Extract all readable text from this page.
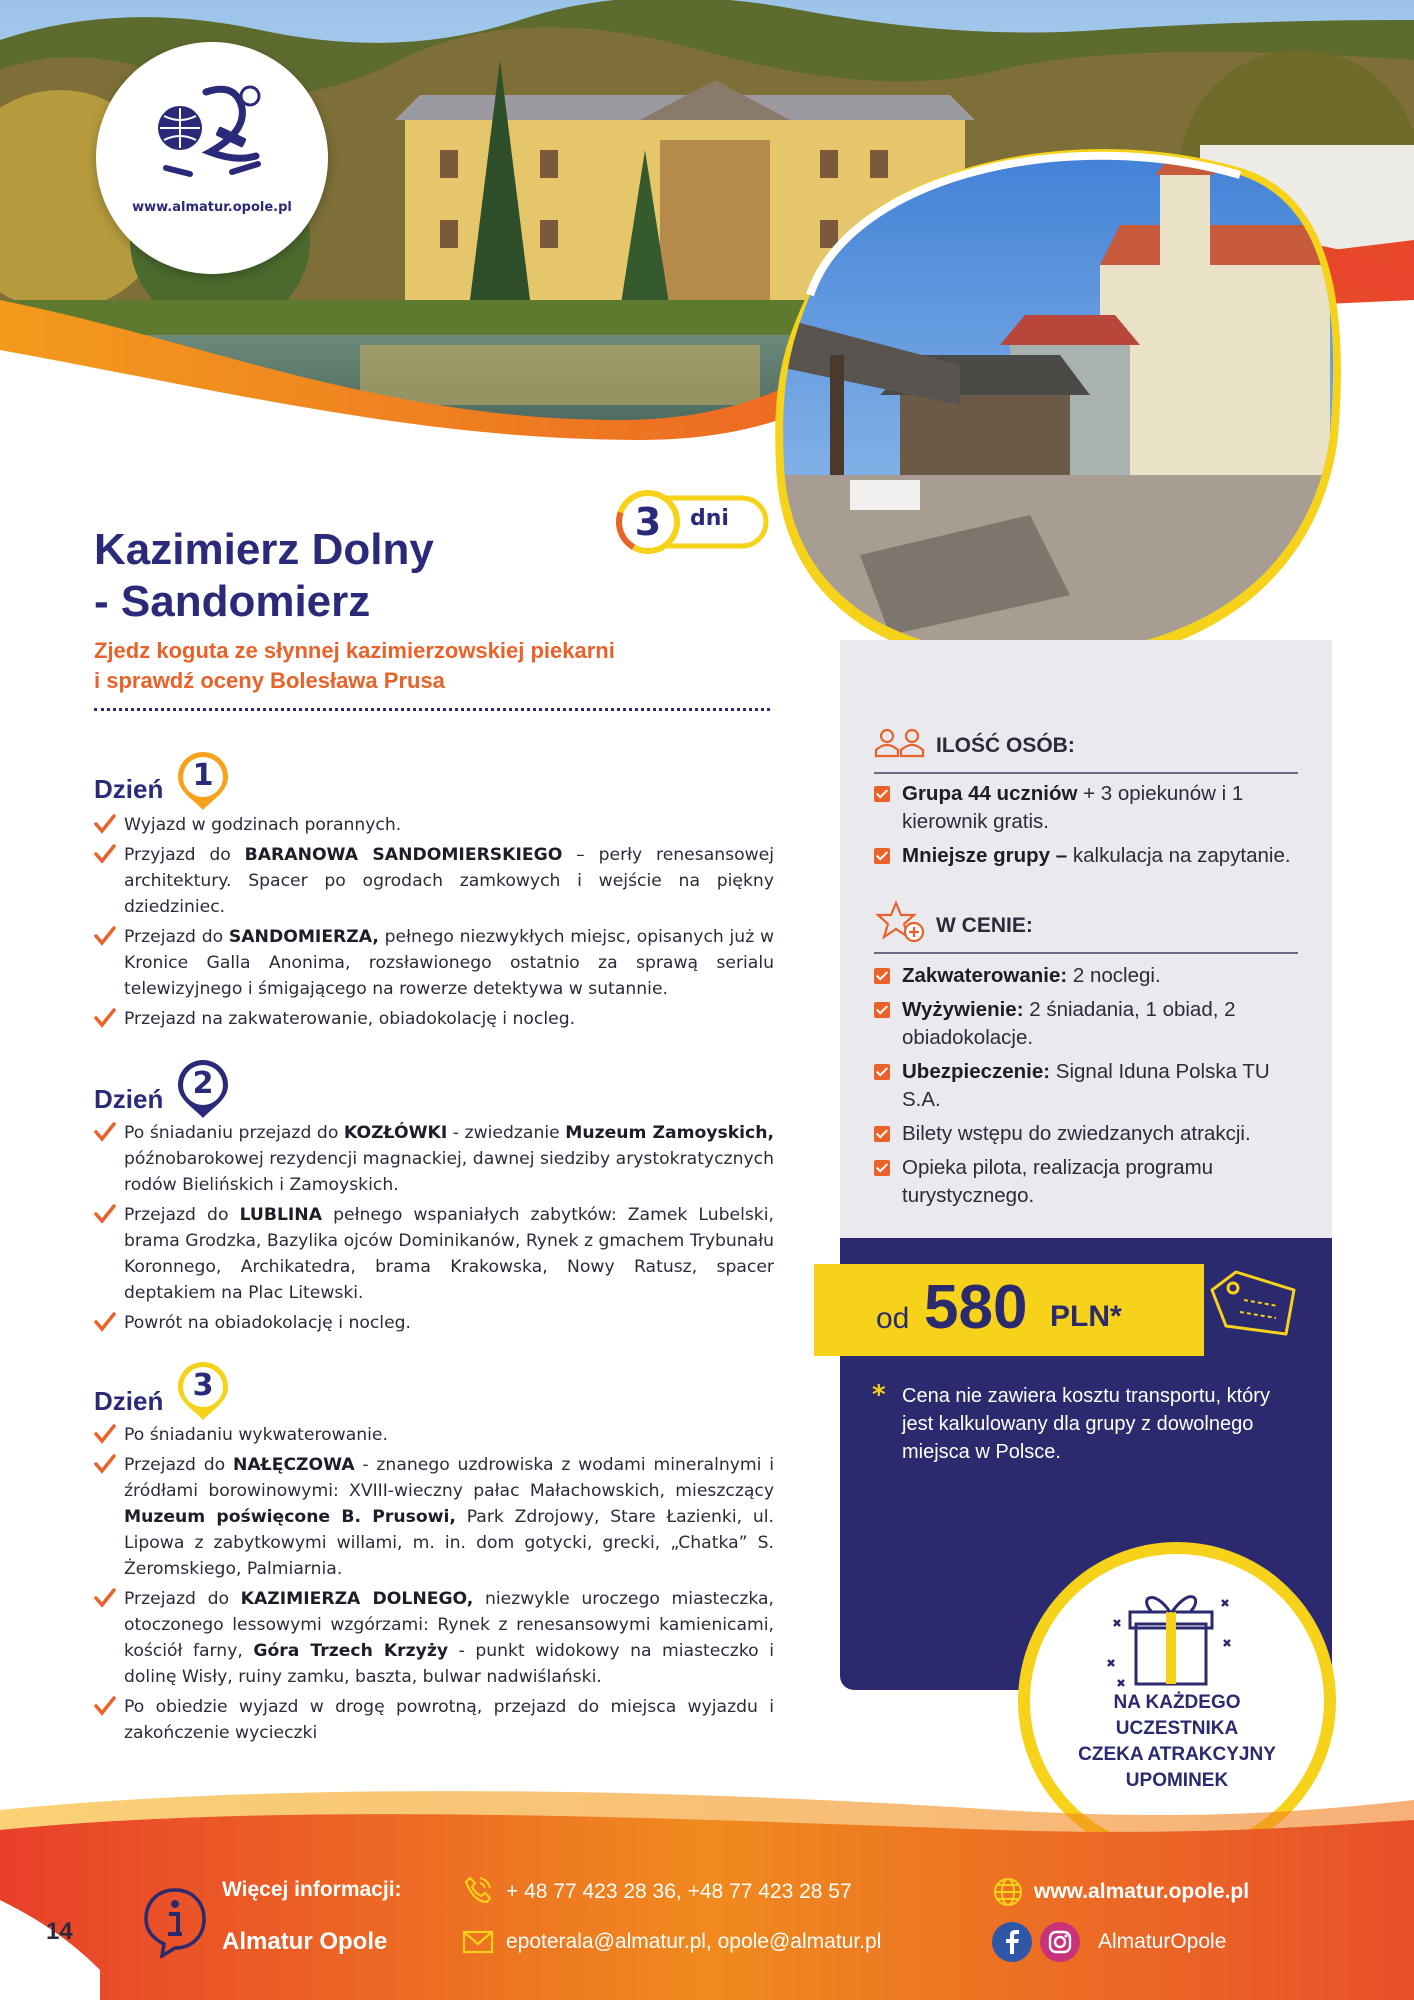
www.almatur.opole.pl
3	dni
Kazimierz Dolny
- Sandomierz
Zjedz koguta ze słynnej kazimierzowskiej piekarni
i sprawdź oceny Bolesława Prusa
Dzień 1
Wyjazd w godzinach porannych.
Przyjazd do BARANOWA SANDOMIERSKIEGO – perły renesansowej architektury. Spacer po ogrodach zamkowych i wejście na piękny dziedziniec.
Przejazd do SANDOMIERZA, pełnego niezwykłych miejsc, opisanych już w Kronice Galla Anonima, rozsławionego ostatnio za sprawą serialu telewizyjnego i śmigającego na rowerze detektywa w sutannie.
Przejazd na zakwaterowanie, obiadokolację i nocleg.
Dzień 2
Po śniadaniu przejazd do KOZŁÓWKI - zwiedzanie Muzeum Zamoyskich, późnobarokowej rezydencji magnackiej, dawnej siedziby arystokratycznych rodów Bielińskich i Zamoyskich.
Przejazd do LUBLINA pełnego wspaniałych zabytków: Zamek Lubelski, brama Grodzka, Bazylika ojców Dominikanów, Rynek z gmachem Trybunału Koronnego, Archikatedra, brama Krakowska, Nowy Ratusz, spacer deptakiem na Plac Litewski.
Powrót na obiadokolację i nocleg.
Dzień 3
Po śniadaniu wykwaterowanie.
Przejazd do NAŁĘCZOWA - znanego uzdrowiska z wodami mineralnymi i źródłami borowinowymi: XVIII-wieczny pałac Małachowskich, mieszczący Muzeum poświęcone B. Prusowi, Park Zdrojowy, Stare Łazienki, ul. Lipowa z zabytkowymi willami, m. in. dom gotycki, grecki, „Chatka” S. Żeromskiego, Palmiarnia.
Przejazd do KAZIMIERZA DOLNEGO, niezwykle uroczego miasteczka, otoczonego lessowymi wzgórzami: Rynek z renesansowymi kamienicami, kościół farny, Góra Trzech Krzyży - punkt widokowy na miasteczko i dolinę Wisły, ruiny zamku, baszta, bulwar nadwiślański.
Po obiedzie wyjazd w drogę powrotną, przejazd do miejsca wyjazdu i zakończenie wycieczki
ILOŚĆ OSÓB:
Grupa 44 uczniów + 3 opiekunów i 1 kierownik gratis.
Mniejsze grupy – kalkulacja na zapytanie.
W CENIE:
Zakwaterowanie: 2 noclegi.
Wyżywienie: 2 śniadania, 1 obiad, 2 obiadokolacje.
Ubezpieczenie: Signal Iduna Polska TU S.A.
Bilety wstępu do zwiedzanych atrakcji.
Opieka pilota, realizacja programu turystycznego.
od 580 PLN*
* Cena nie zawiera kosztu transportu, który jest kalkulowany dla grupy z dowolnego miejsca w Polsce.
NA KAŻDEGO
UCZESTNIKA
CZEKA ATRAKCYJNY
UPOMINEK
14
Więcej informacji:
Almatur Opole
+ 48 77 423 28 36, +48 77 423 28 57
epoterala@almatur.pl, opole@almatur.pl
www.almatur.opole.pl
AlmaturOpole
